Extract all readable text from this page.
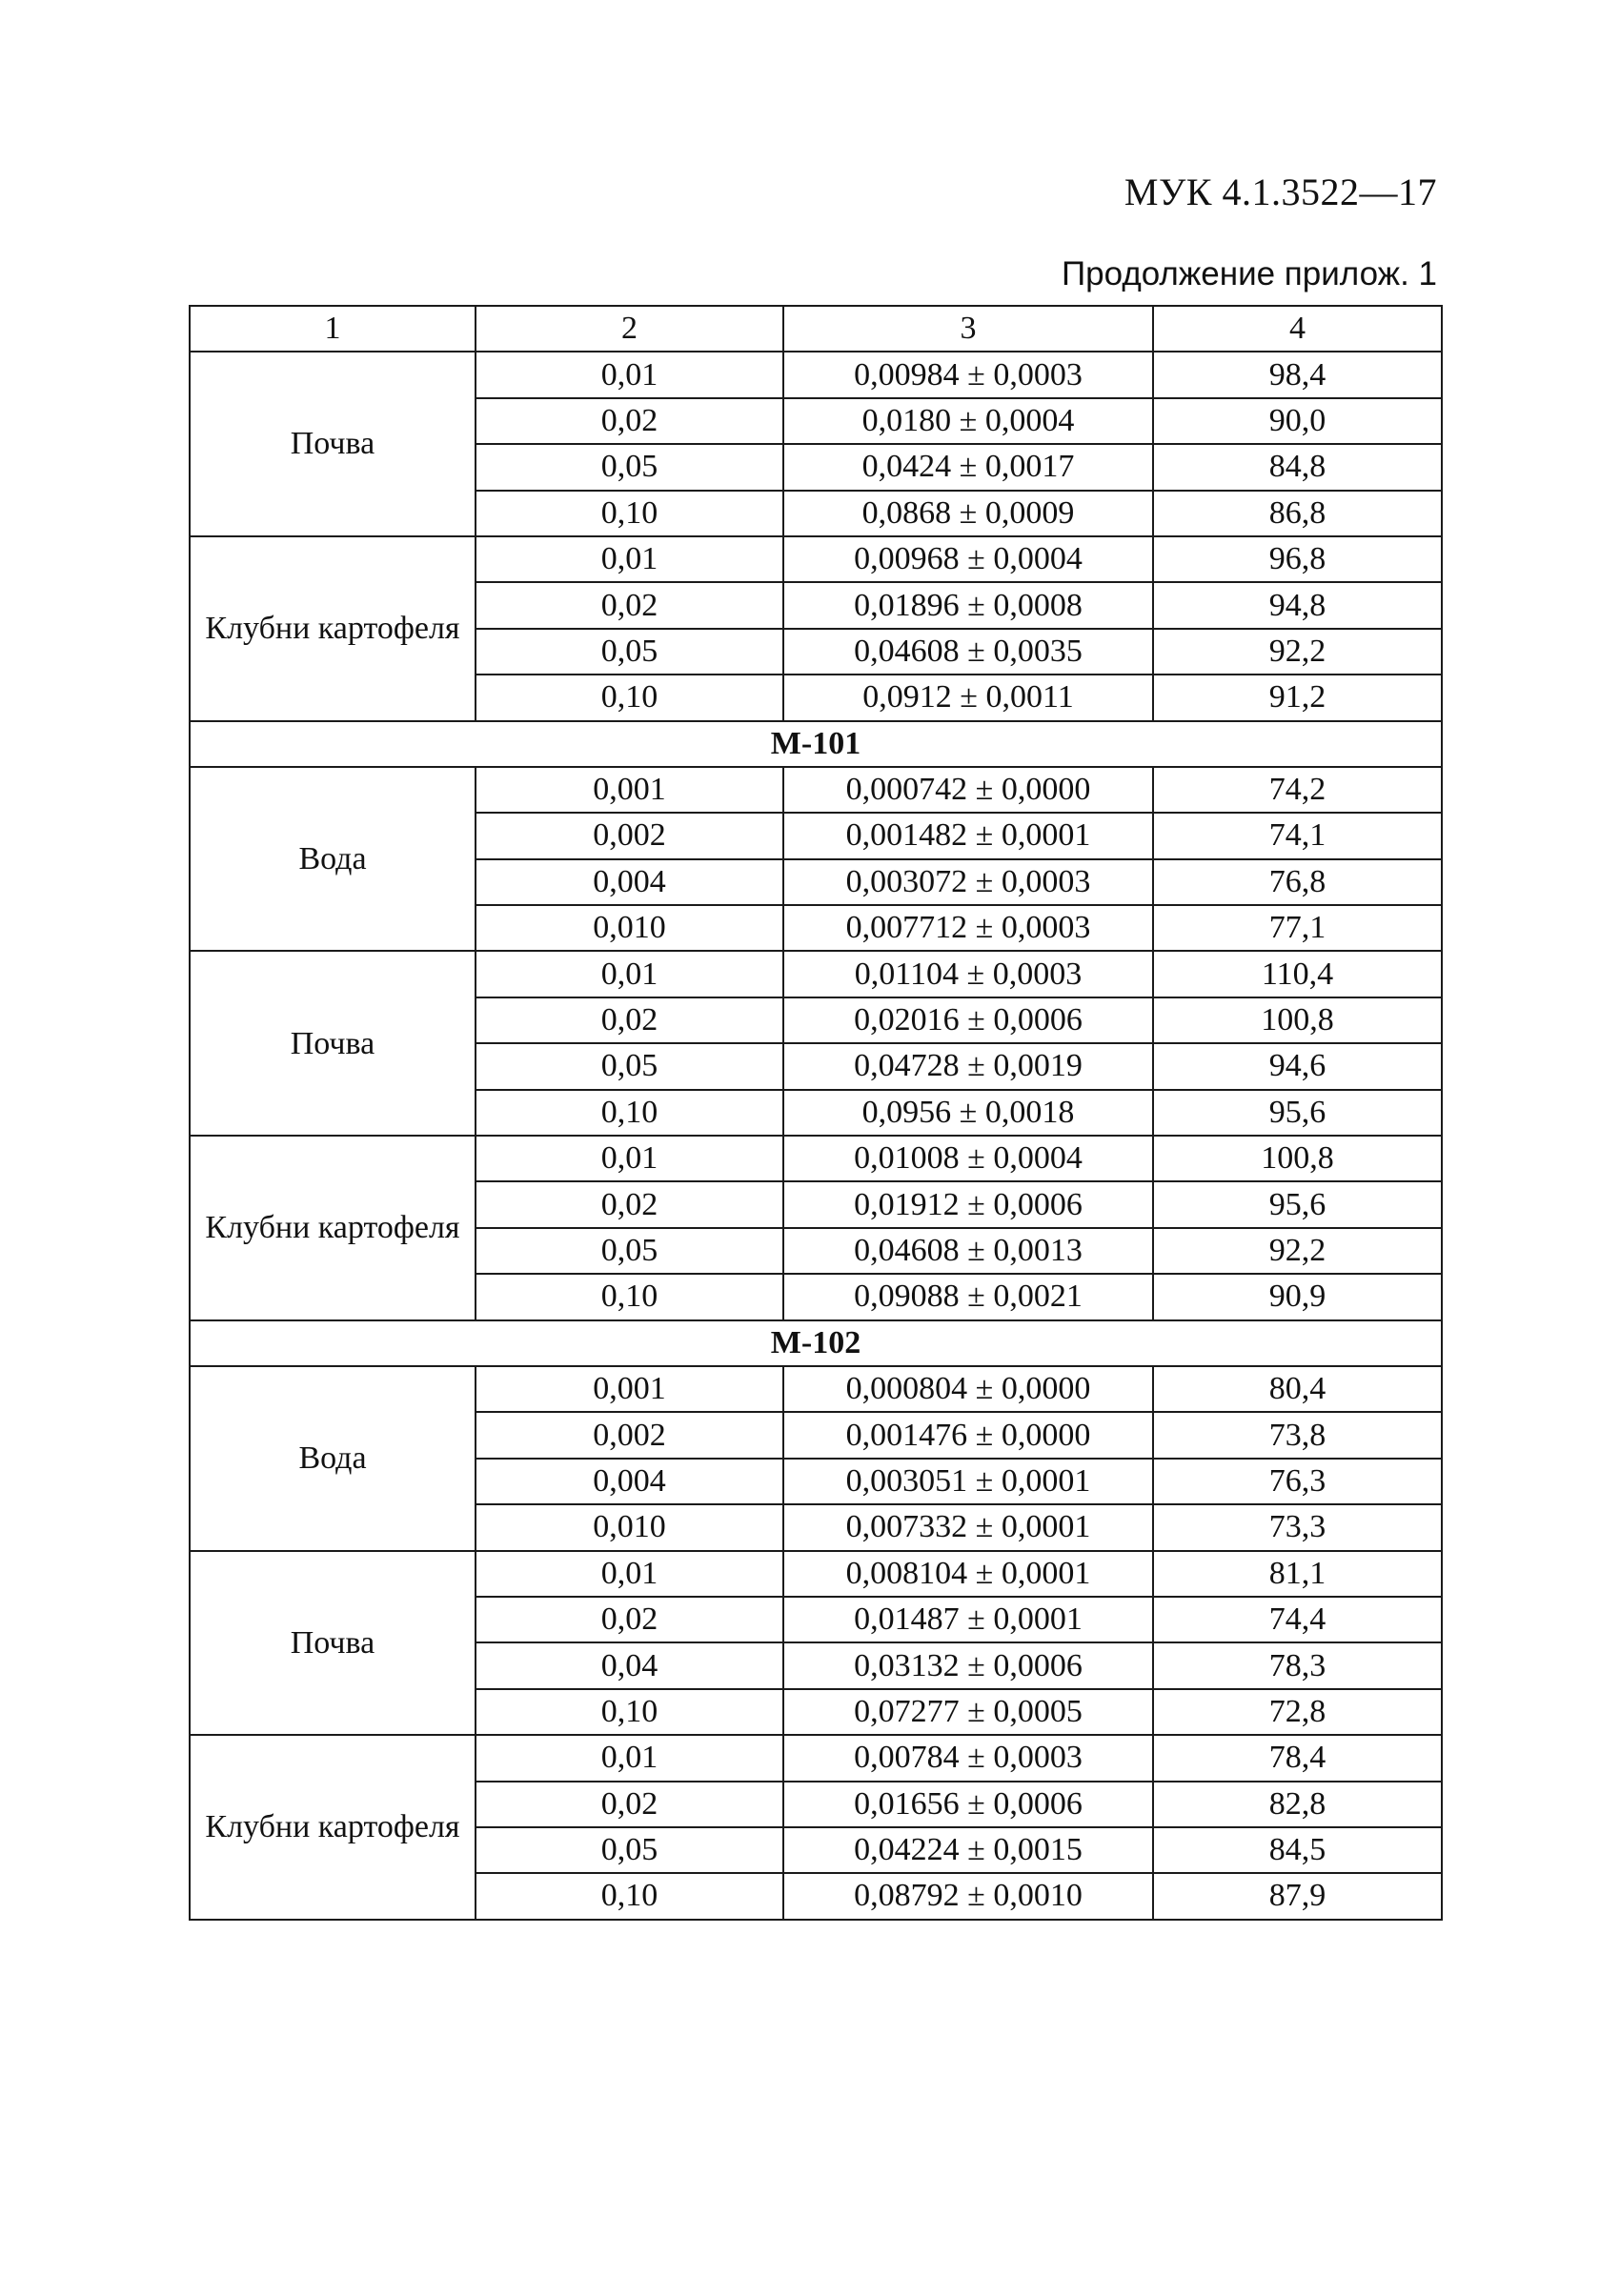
МУК 4.1.3522—17
Продолжение прилож. 1
1	2	3	4
Почва	0,01	0,00984 ± 0,0003	98,4
	0,02	0,0180 ± 0,0004	90,0
	0,05	0,0424 ± 0,0017	84,8
	0,10	0,0868 ± 0,0009	86,8
Клубни картофеля	0,01	0,00968 ± 0,0004	96,8
	0,02	0,01896 ± 0,0008	94,8
	0,05	0,04608 ± 0,0035	92,2
	0,10	0,0912 ± 0,0011	91,2
М-101			
Вода	0,001	0,000742 ± 0,0000	74,2
	0,002	0,001482 ± 0,0001	74,1
	0,004	0,003072 ± 0,0003	76,8
	0,010	0,007712 ± 0,0003	77,1
Почва	0,01	0,01104 ± 0,0003	110,4
	0,02	0,02016 ± 0,0006	100,8
	0,05	0,04728 ± 0,0019	94,6
	0,10	0,0956 ± 0,0018	95,6
Клубни картофеля	0,01	0,01008 ± 0,0004	100,8
	0,02	0,01912 ± 0,0006	95,6
	0,05	0,04608 ± 0,0013	92,2
	0,10	0,09088 ± 0,0021	90,9
М-102			
Вода	0,001	0,000804 ± 0,0000	80,4
	0,002	0,001476 ± 0,0000	73,8
	0,004	0,003051 ± 0,0001	76,3
	0,010	0,007332 ± 0,0001	73,3
Почва	0,01	0,008104 ± 0,0001	81,1
	0,02	0,01487 ± 0,0001	74,4
	0,04	0,03132 ± 0,0006	78,3
	0,10	0,07277 ± 0,0005	72,8
Клубни картофеля	0,01	0,00784 ± 0,0003	78,4
	0,02	0,01656 ± 0,0006	82,8
	0,05	0,04224 ± 0,0015	84,5
	0,10	0,08792 ± 0,0010	87,9
